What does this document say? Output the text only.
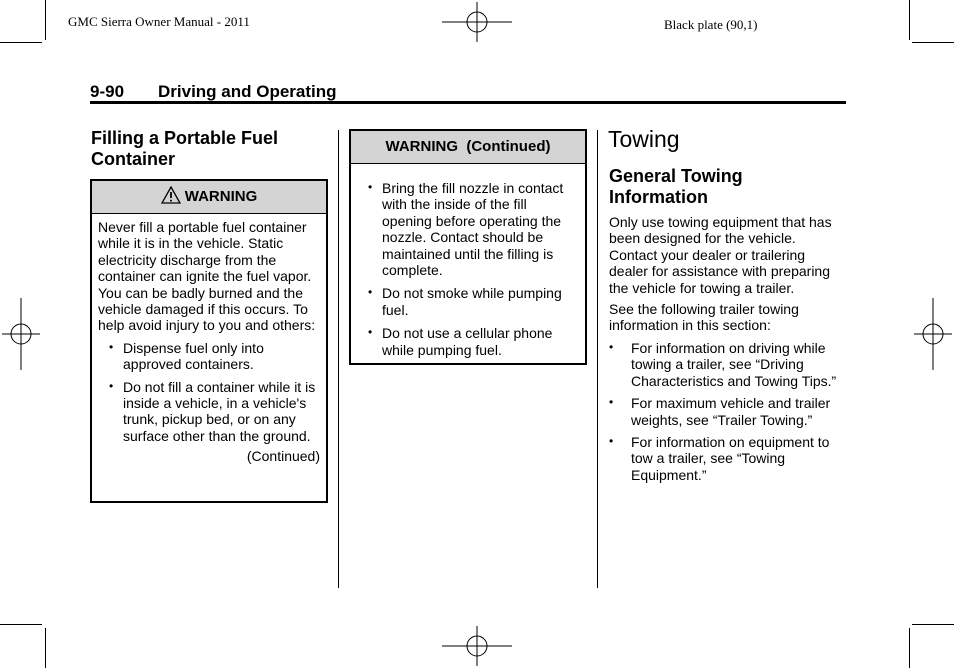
GMC Sierra Owner Manual - 2011	Black plate (90,1)
9-90 Driving and Operating
Filling a Portable Fuel Container
WARNING
Never fill a portable fuel container while it is in the vehicle. Static electricity discharge from the container can ignite the fuel vapor. You can be badly burned and the vehicle damaged if this occurs. To help avoid injury to you and others:
• Dispense fuel only into approved containers.
• Do not fill a container while it is inside a vehicle, in a vehicle's trunk, pickup bed, or on any surface other than the ground.
(Continued)
WARNING  (Continued)
• Bring the fill nozzle in contact with the inside of the fill opening before operating the nozzle. Contact should be maintained until the filling is complete.
• Do not smoke while pumping fuel.
• Do not use a cellular phone while pumping fuel.
Towing
General Towing Information
Only use towing equipment that has been designed for the vehicle. Contact your dealer or trailering dealer for assistance with preparing the vehicle for towing a trailer.
See the following trailer towing information in this section:
• For information on driving while towing a trailer, see “Driving Characteristics and Towing Tips.”
• For maximum vehicle and trailer weights, see “Trailer Towing.”
• For information on equipment to tow a trailer, see “Towing Equipment.”
